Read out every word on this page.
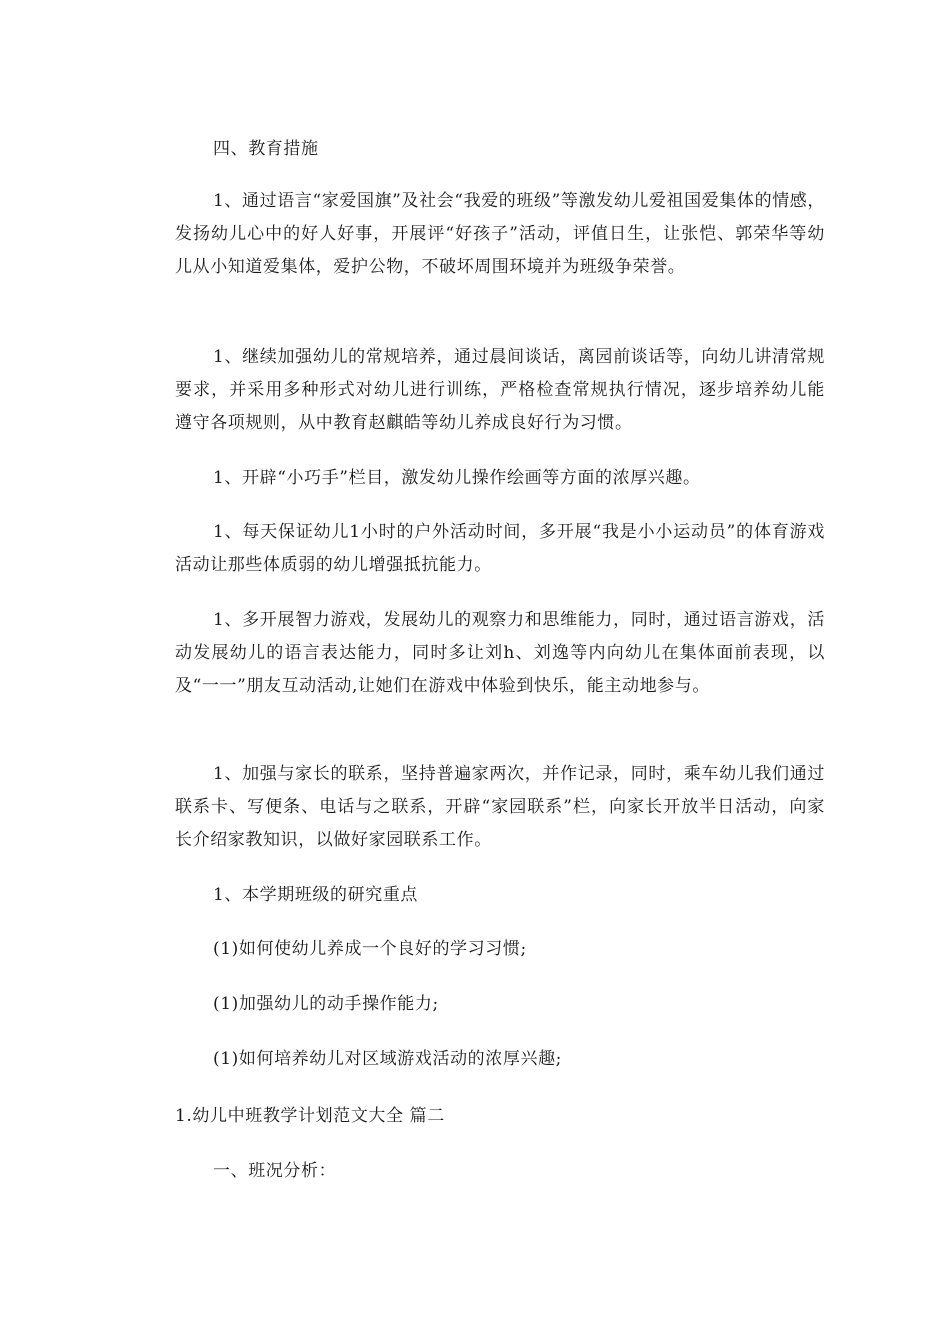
四、教育措施

1、通过语言“家爱国旗”及社会“我爱的班级”等激发幼儿爱祖国爱集体的情感，发扬幼儿心中的好人好事，开展评“好孩子”活动，评值日生，让张恺、郭荣华等幼儿从小知道爱集体，爱护公物，不破坏周围环境并为班级争荣誉。

1、继续加强幼儿的常规培养，通过晨间谈话，离园前谈话等，向幼儿讲清常规要求，并采用多种形式对幼儿进行训练，严格检查常规执行情况，逐步培养幼儿能遵守各项规则，从中教育赵麒皓等幼儿养成良好行为习惯。

1、开辟“小巧手”栏目，激发幼儿操作绘画等方面的浓厚兴趣。

1、每天保证幼儿1小时的户外活动时间，多开展“我是小小运动员”的体育游戏活动让那些体质弱的幼儿增强抵抗能力。

1、多开展智力游戏，发展幼儿的观察力和思维能力，同时，通过语言游戏，活动发展幼儿的语言表达能力，同时多让刘h、刘逸等内向幼儿在集体面前表现，以及“一一”朋友互动活动,让她们在游戏中体验到快乐，能主动地参与。

1、加强与家长的联系，坚持普遍家两次，并作记录，同时，乘车幼儿我们通过联系卡、写便条、电话与之联系，开辟“家园联系”栏，向家长开放半日活动，向家长介绍家教知识，以做好家园联系工作。

1、本学期班级的研究重点

(1)如何使幼儿养成一个良好的学习习惯;

(1)加强幼儿的动手操作能力;

(1)如何培养幼儿对区域游戏活动的浓厚兴趣;

1.幼儿中班教学计划范文大全 篇二

一、班况分析：
